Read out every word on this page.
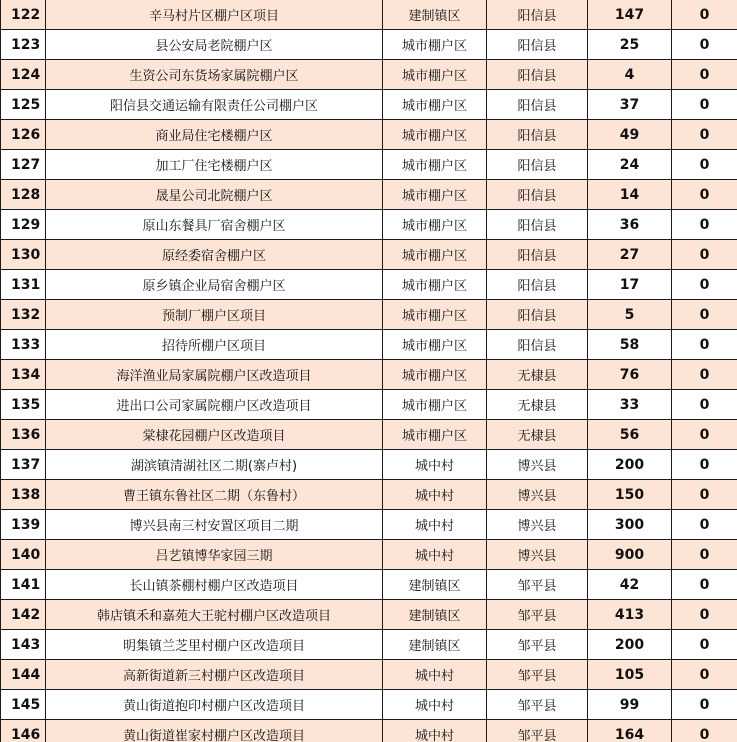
122	辛马村片区棚户区项目	建制镇区	阳信县	147	0
123	县公安局老院棚户区	城市棚户区	阳信县	25	0
124	生资公司东货场家属院棚户区	城市棚户区	阳信县	4	0
125	阳信县交通运输有限责任公司棚户区	城市棚户区	阳信县	37	0
126	商业局住宅楼棚户区	城市棚户区	阳信县	49	0
127	加工厂住宅楼棚户区	城市棚户区	阳信县	24	0
128	晟星公司北院棚户区	城市棚户区	阳信县	14	0
129	原山东餐具厂宿舍棚户区	城市棚户区	阳信县	36	0
130	原经委宿舍棚户区	城市棚户区	阳信县	27	0
131	原乡镇企业局宿舍棚户区	城市棚户区	阳信县	17	0
132	预制厂棚户区项目	城市棚户区	阳信县	5	0
133	招待所棚户区项目	城市棚户区	阳信县	58	0
134	海洋渔业局家属院棚户区改造项目	城市棚户区	无棣县	76	0
135	进出口公司家属院棚户区改造项目	城市棚户区	无棣县	33	0
136	棠棣花园棚户区改造项目	城市棚户区	无棣县	56	0
137	湖滨镇清湖社区二期(寨卢村)	城中村	博兴县	200	0
138	曹王镇东鲁社区二期（东鲁村）	城中村	博兴县	150	0
139	博兴县南三村安置区项目二期	城中村	博兴县	300	0
140	吕艺镇博华家园三期	城中村	博兴县	900	0
141	长山镇茶棚村棚户区改造项目	建制镇区	邹平县	42	0
142	韩店镇禾和嘉苑大王驼村棚户区改造项目	建制镇区	邹平县	413	0
143	明集镇兰芝里村棚户区改造项目	建制镇区	邹平县	200	0
144	高新街道新三村棚户区改造项目	城中村	邹平县	105	0
145	黄山街道抱印村棚户区改造项目	城中村	邹平县	99	0
146	黄山街道崔家村棚户区改造项目	城中村	邹平县	164	0
